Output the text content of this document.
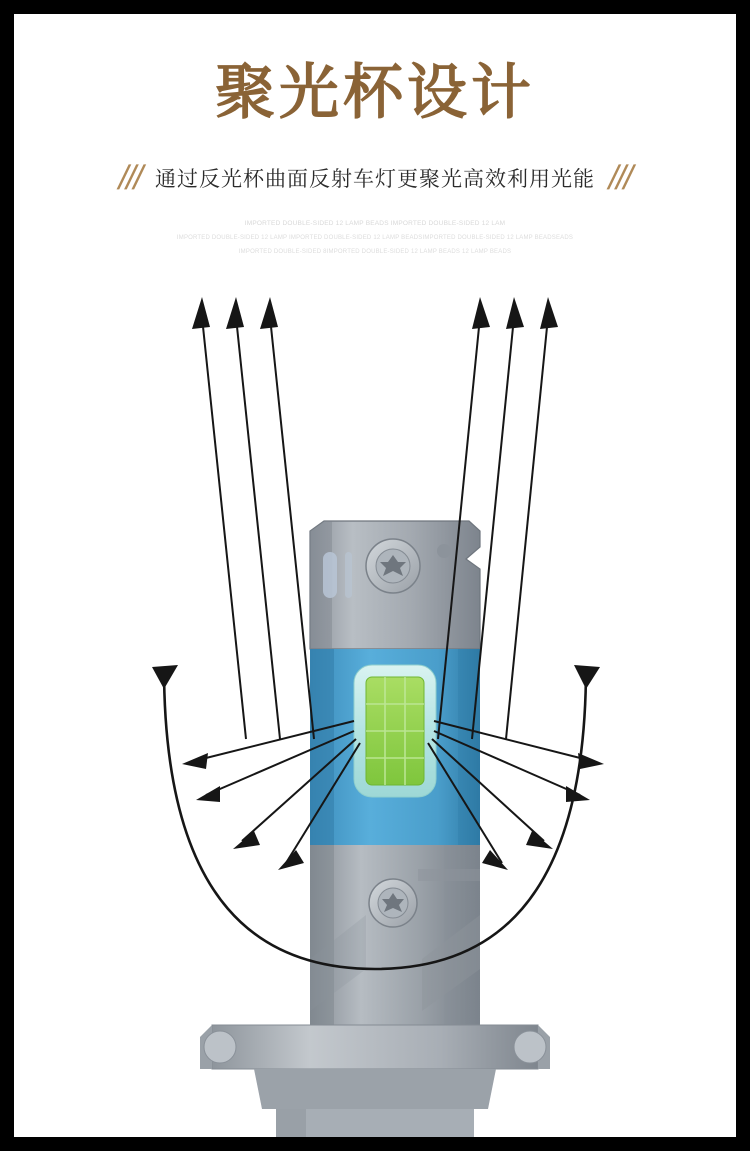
聚光杯设计
/// 通过反光杯曲面反射车灯更聚光高效利用光能 ///
IMPORTED DOUBLE-SIDED 12 LAMP BEADS IMPORTED DOUBLE-SIDED 12 LAM
IMPORTED DOUBLE-SIDED 12 LAMP IMPORTED DOUBLE-SIDED 12 LAMP BEADSIMPORTED DOUBLE-SIDED 12 LAMP BEADSEADS
IMPORTED DOUBLE-SIDED 8IMPORTED DOUBLE-SIDED 12 LAMP BEADS 12 LAMP BEADS
